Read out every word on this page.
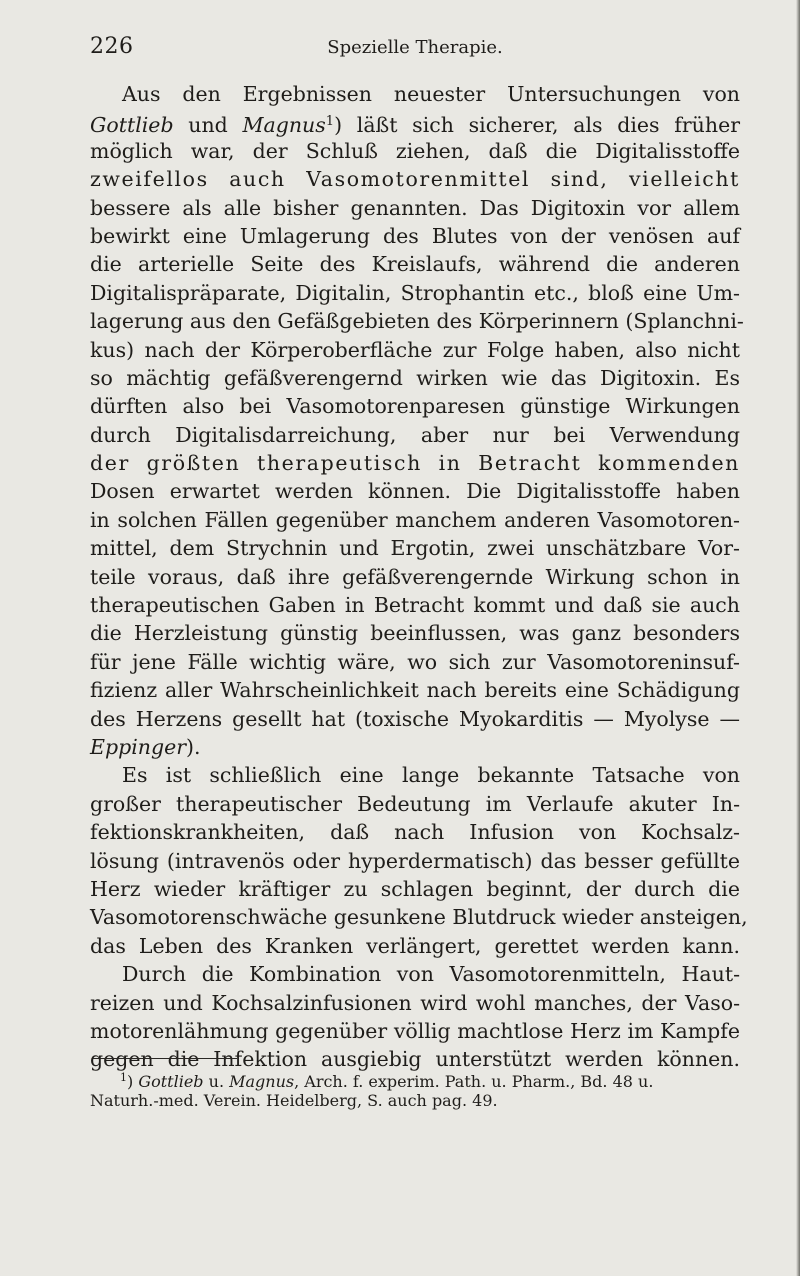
226	Spezielle Therapie.
Aus den Ergebnissen neuester Untersuchungen von
Gottlieb und Magnus$^1$) läßt sich sicherer, als dies früher
möglich war, der Schluß ziehen, daß die Digitalisstoffe
zweifellos auch Vasomotorenmittel sind, vielleicht
bessere als alle bisher genannten. Das Digitoxin vor allem
bewirkt eine Umlagerung des Blutes von der venösen auf
die arterielle Seite des Kreislaufs, während die anderen
Digitalispräparate, Digitalin, Strophantin etc., bloß eine Um-
lagerung aus den Gefäßgebieten des Körperinnern (Splanchni-
kus) nach der Körperoberfläche zur Folge haben, also nicht
so mächtig gefäßverengernd wirken wie das Digitoxin. Es
dürften also bei Vasomotorenparesen günstige Wirkungen
durch Digitalisdarreichung, aber nur bei Verwendung
der größten therapeutisch in Betracht kommenden
Dosen erwartet werden können. Die Digitalisstoffe haben
in solchen Fällen gegenüber manchem anderen Vasomotoren-
mittel, dem Strychnin und Ergotin, zwei unschätzbare Vor-
teile voraus, daß ihre gefäßverengernde Wirkung schon in
therapeutischen Gaben in Betracht kommt und daß sie auch
die Herzleistung günstig beeinflussen, was ganz besonders
für jene Fälle wichtig wäre, wo sich zur Vasomotoreninsuf-
fizienz aller Wahrscheinlichkeit nach bereits eine Schädigung
des Herzens gesellt hat (toxische Myokarditis — Myolyse —
Eppinger).
Es ist schließlich eine lange bekannte Tatsache von
großer therapeutischer Bedeutung im Verlaufe akuter In-
fektionskrankheiten, daß nach Infusion von Kochsalz-
lösung (intravenös oder hyperdermatisch) das besser gefüllte
Herz wieder kräftiger zu schlagen beginnt, der durch die
Vasomotorenschwäche gesunkene Blutdruck wieder ansteigen,
das Leben des Kranken verlängert, gerettet werden kann.
Durch die Kombination von Vasomotorenmitteln, Haut-
reizen und Kochsalzinfusionen wird wohl manches, der Vaso-
motorenlähmung gegenüber völlig machtlose Herz im Kampfe
gegen die Infektion ausgiebig unterstützt werden können.
$^1$) Gottlieb u. Magnus, Arch. f. experim. Path. u. Pharm., Bd. 48 u.
Naturh.-med. Verein. Heidelberg, S. auch pag. 49.
